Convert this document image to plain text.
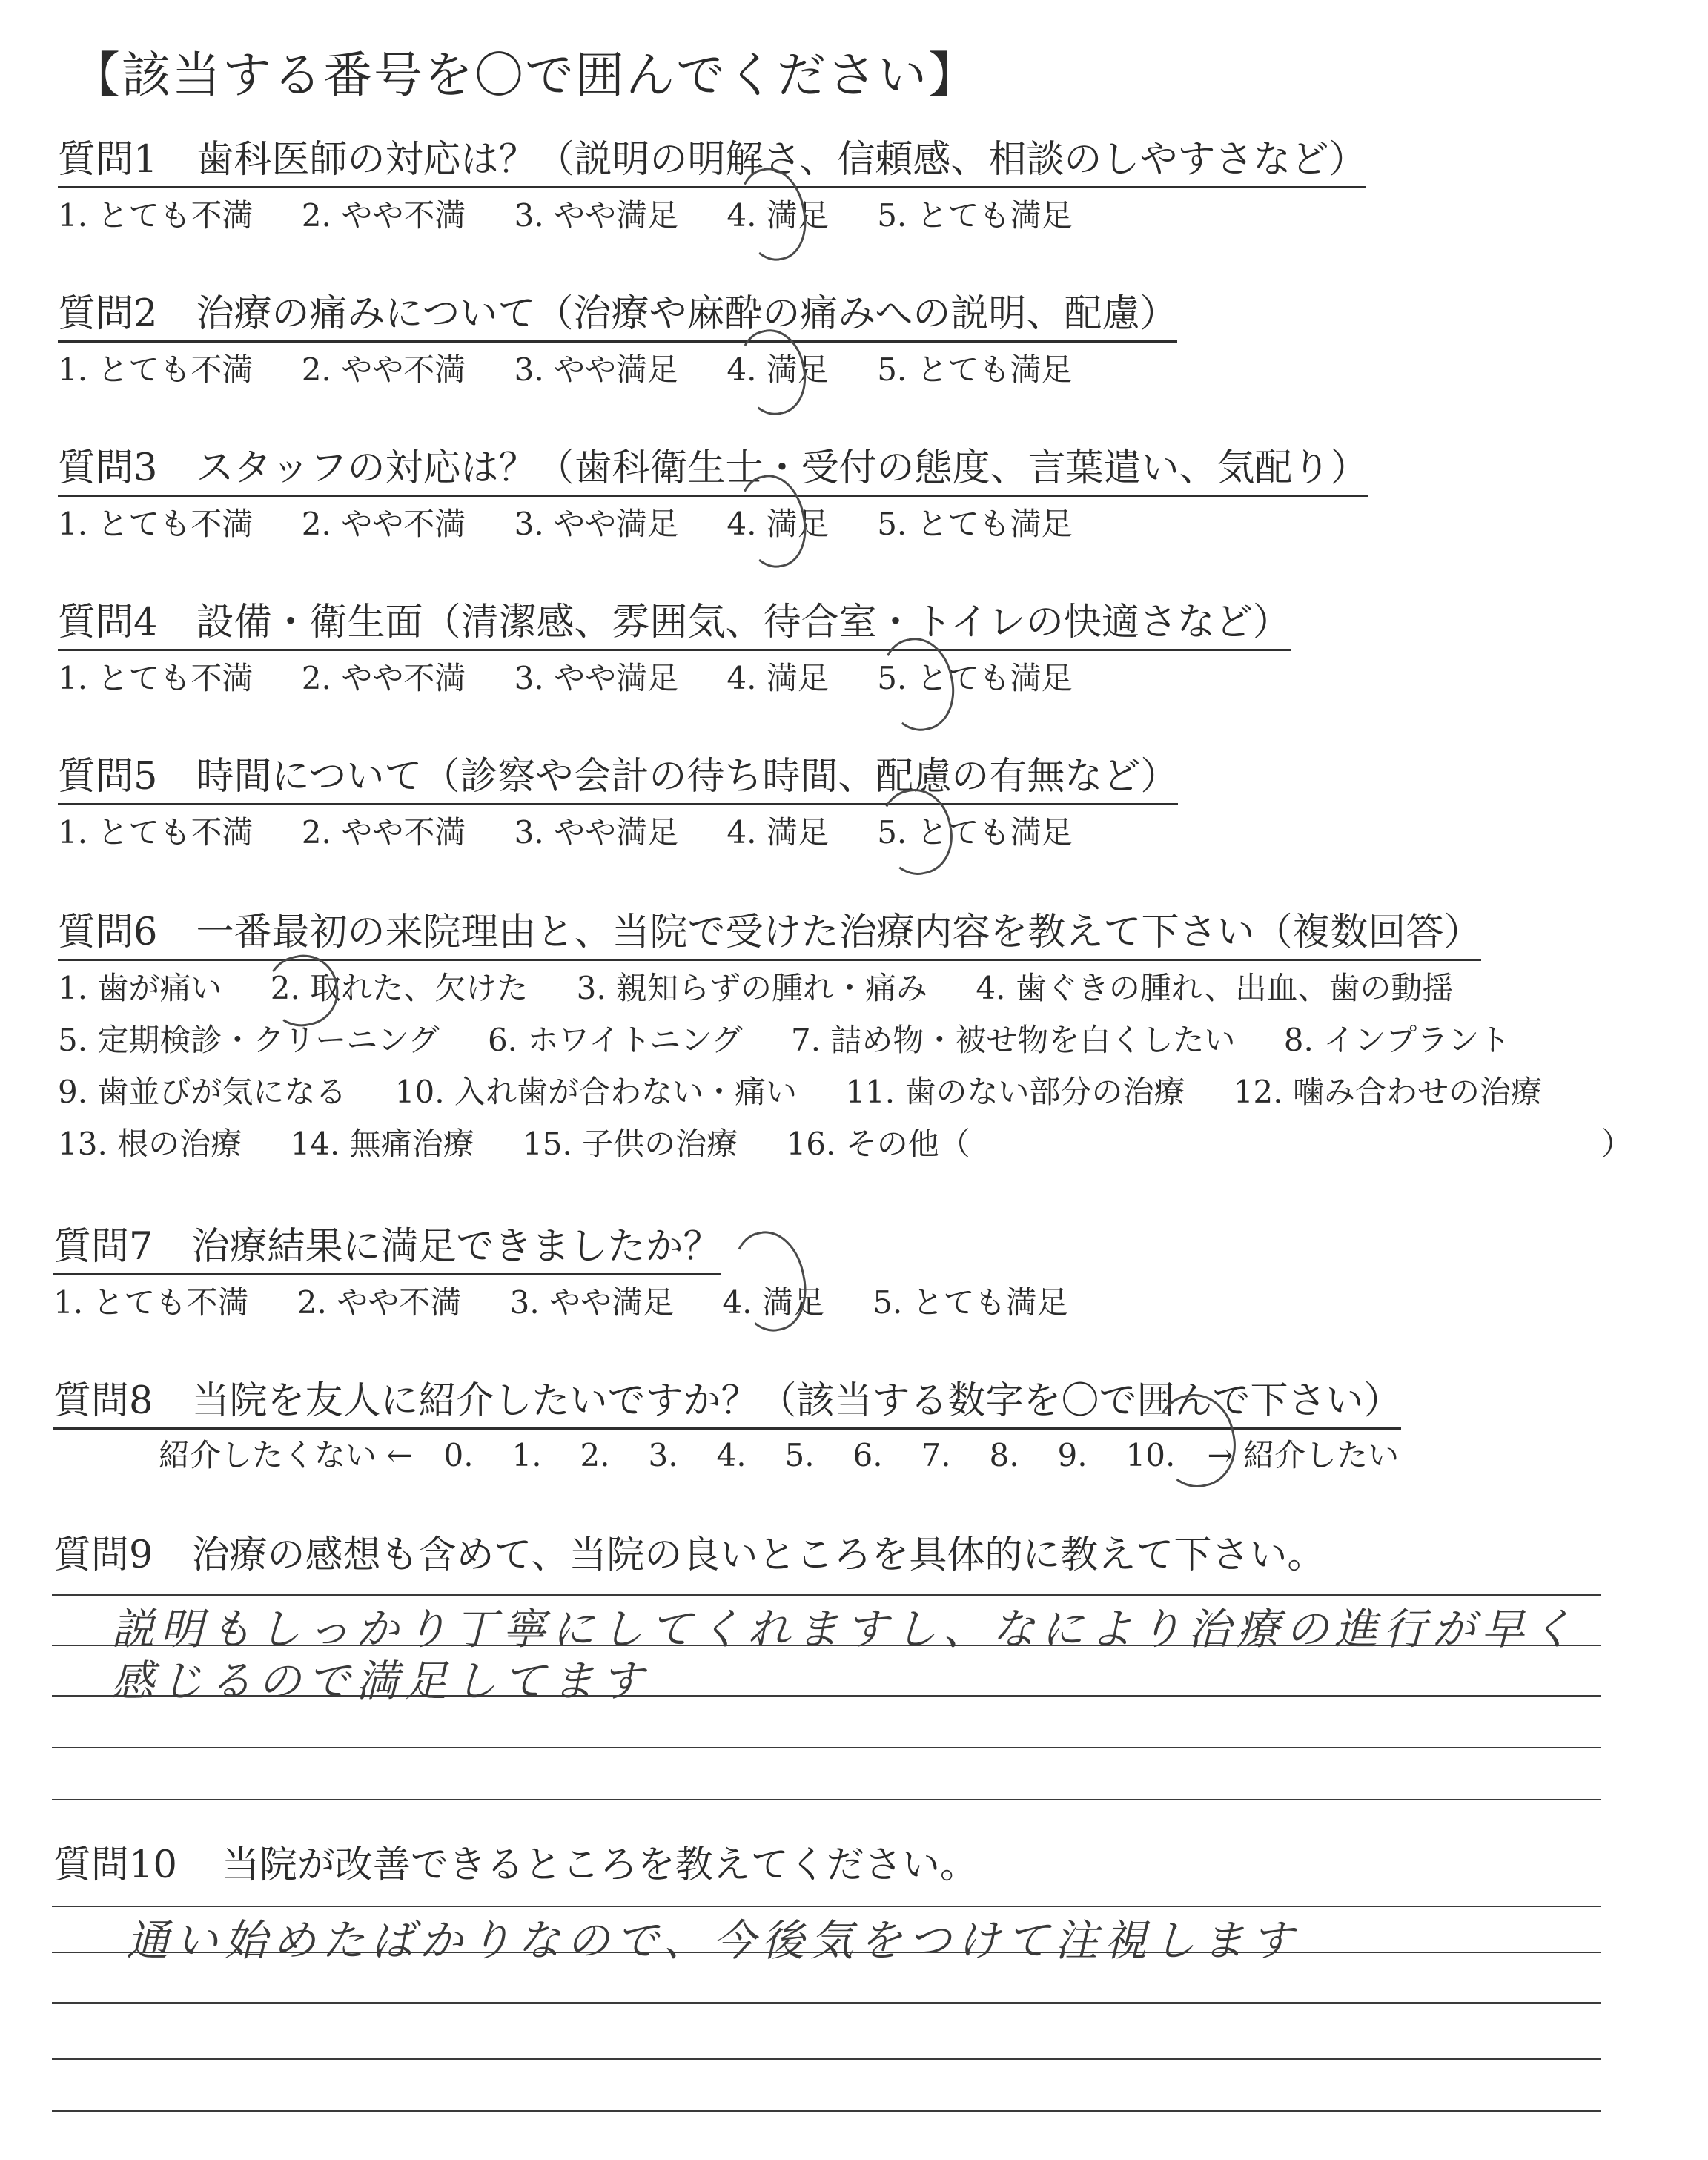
【該当する番号を〇で囲んでください】
質問1 歯科医師の対応は？（説明の明解さ、信頼感、相談のしやすさなど）
1. とても不満 2. やや不満 3. やや満足 4. 満足 5. とても満足
質問2 治療の痛みについて（治療や麻酔の痛みへの説明、配慮）
1. とても不満 2. やや不満 3. やや満足 4. 満足 5. とても満足
質問3 スタッフの対応は？（歯科衛生士・受付の態度、言葉遣い、気配り）
1. とても不満 2. やや不満 3. やや満足 4. 満足 5. とても満足
質問4 設備・衛生面（清潔感、雰囲気、待合室・トイレの快適さなど）
1. とても不満 2. やや不満 3. やや満足 4. 満足 5. とても満足
質問5 時間について（診察や会計の待ち時間、配慮の有無など）
1. とても不満 2. やや不満 3. やや満足 4. 満足 5. とても満足
質問6 一番最初の来院理由と、当院で受けた治療内容を教えて下さい（複数回答）
1. 歯が痛い 2. 取れた、欠けた 3. 親知らずの腫れ・痛み 4. 歯ぐきの腫れ、出血、歯の動揺
5. 定期検診・クリーニング 6. ホワイトニング 7. 詰め物・被せ物を白くしたい 8. インプラント
9. 歯並びが気になる 10. 入れ歯が合わない・痛い 11. 歯のない部分の治療 12. 噛み合わせの治療
13. 根の治療 14. 無痛治療 15. 子供の治療 16. その他（	）
質問7 治療結果に満足できましたか？
1. とても不満 2. やや不満 3. やや満足 4. 満足 5. とても満足
質問8 当院を友人に紹介したいですか？（該当する数字を〇で囲んで下さい）
紹介したくない ← 0. 1. 2. 3. 4. 5. 6. 7. 8. 9. 10. → 紹介したい
質問9 治療の感想も含めて、当院の良いところを具体的に教えて下さい。
説明もしっかり丁寧にしてくれますし、なにより治療の進行が早く
感じるので満足してます
質問10 当院が改善できるところを教えてください。
通い始めたばかりなので、今後気をつけて注視します
